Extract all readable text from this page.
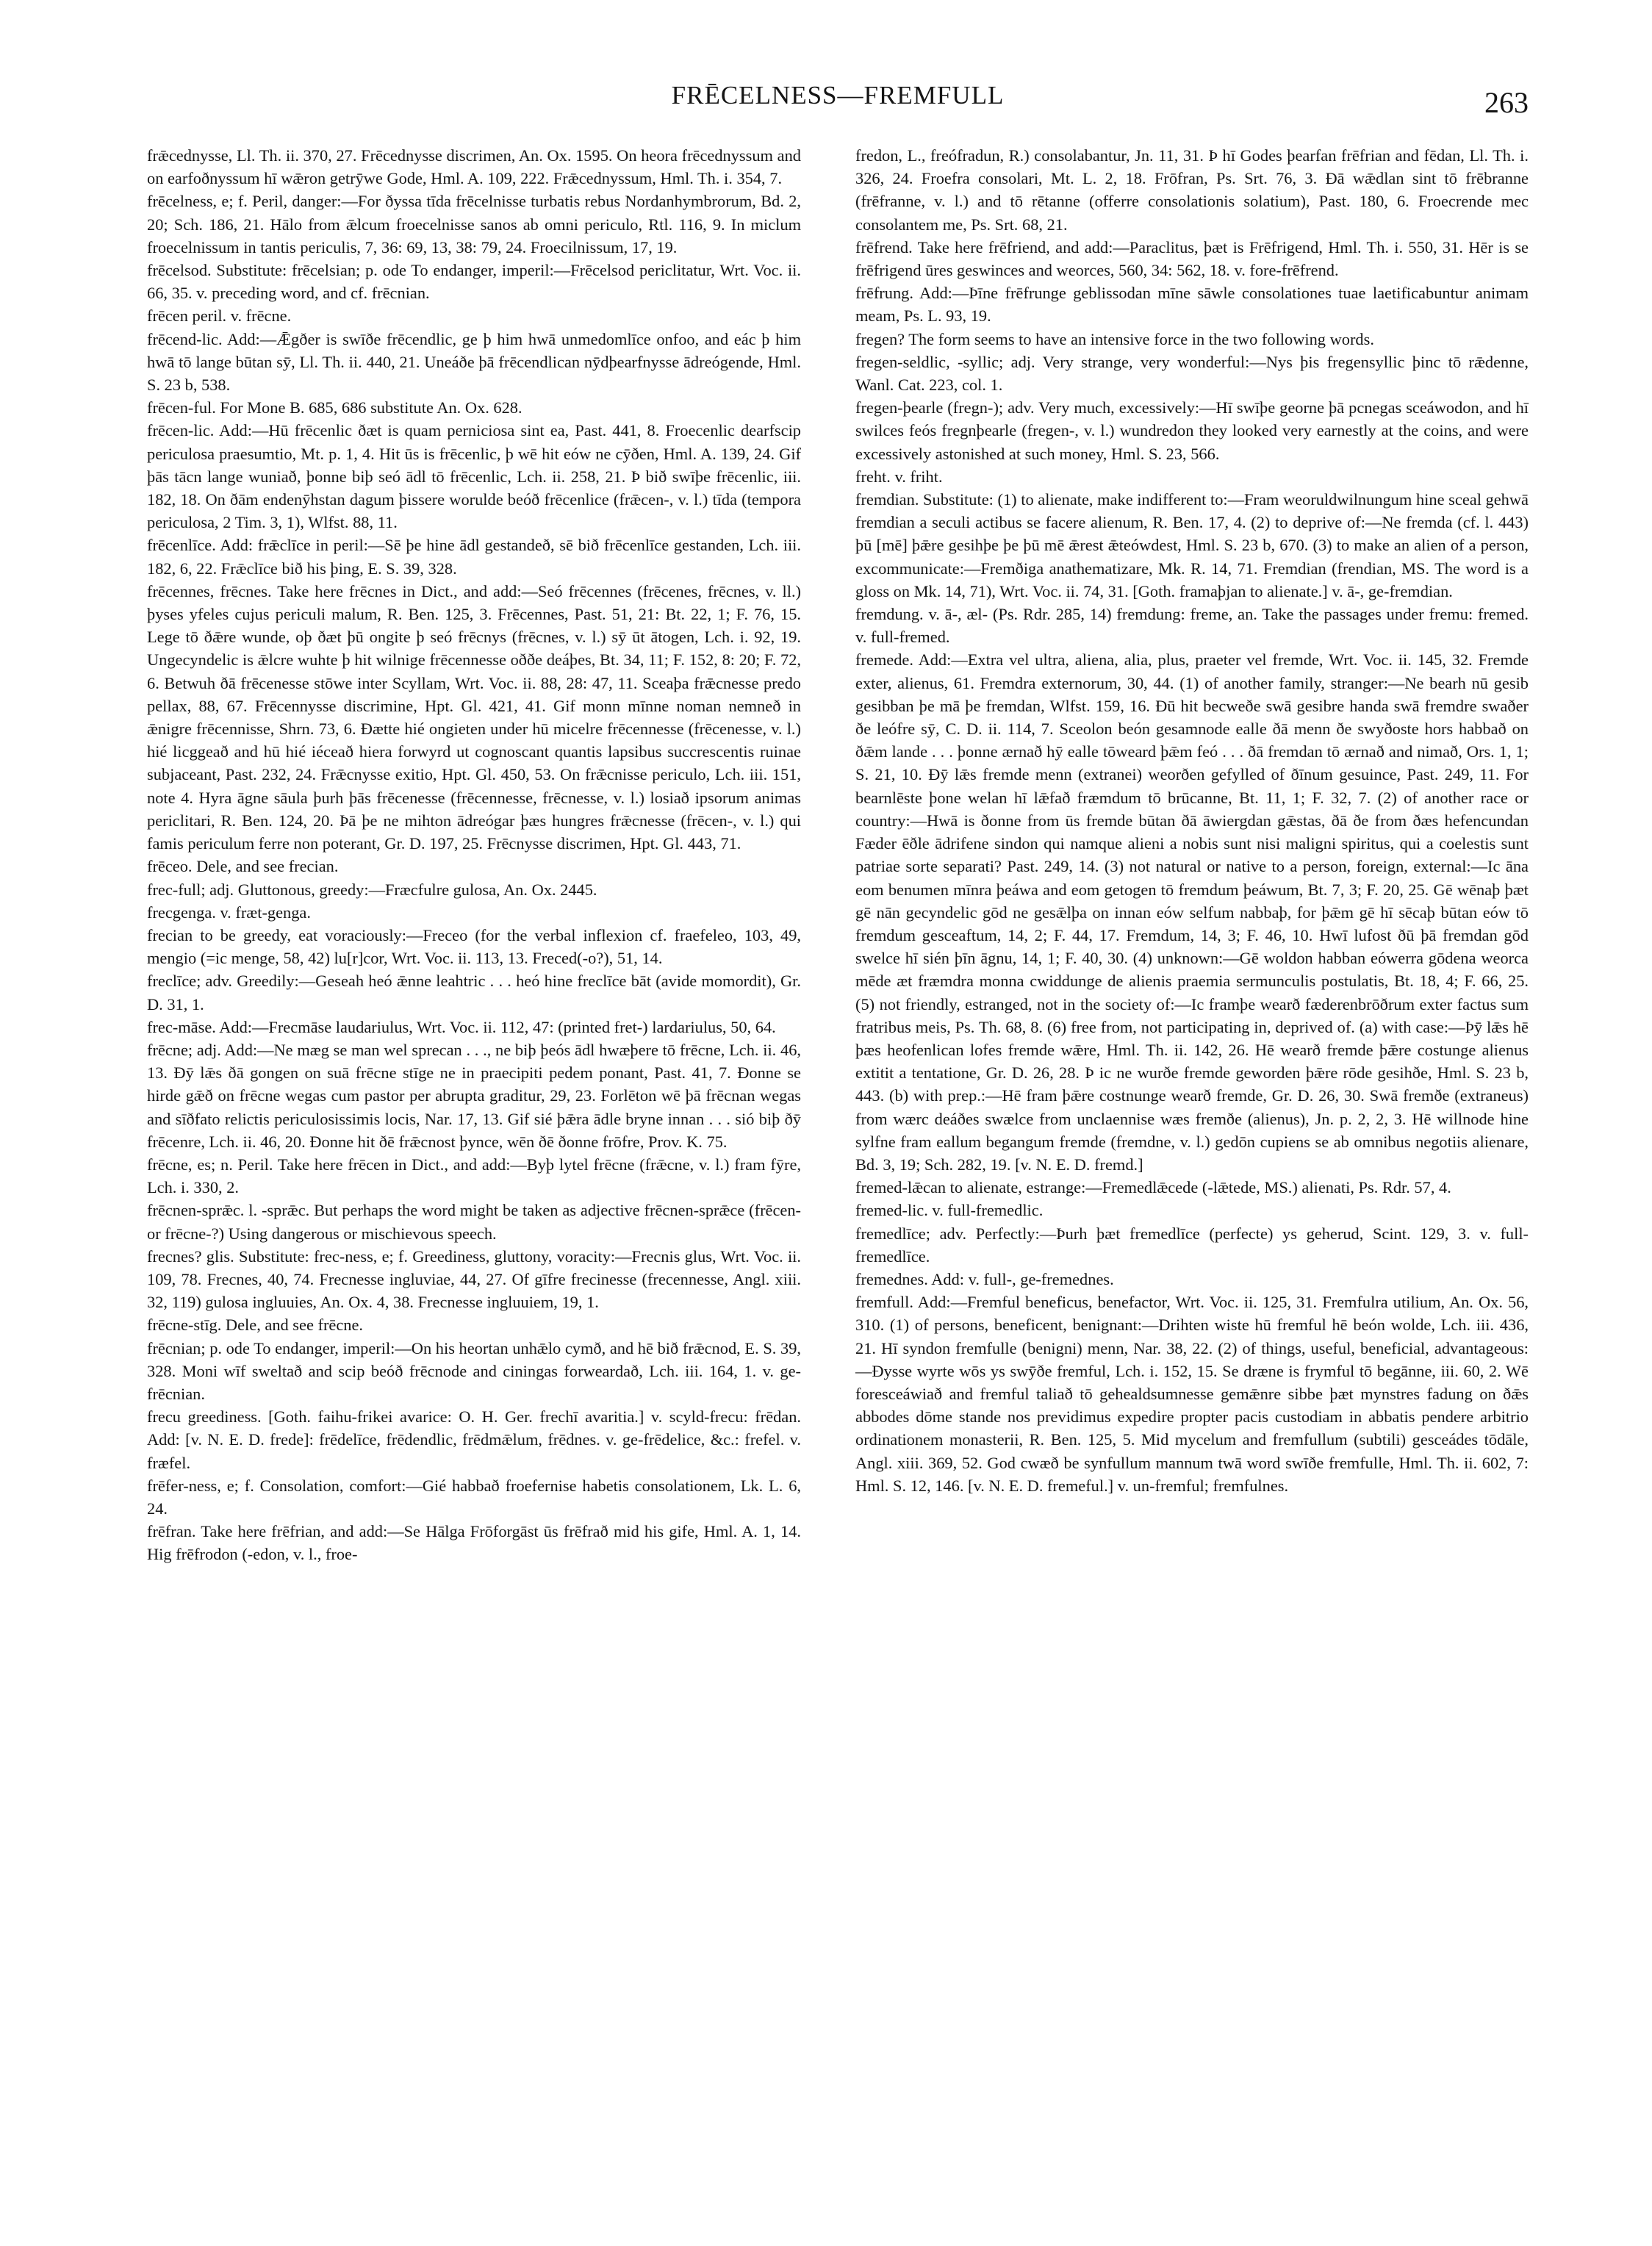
FRĒCELNESS—FREMFULL	263

frǣcednysse, Ll. Th. ii. 370, 27. Frēcednysse discrimen, An. Ox. 1595. On heora frēcednyssum and on earfoðnyssum hī wǣron getrȳwe Gode, Hml. A. 109, 222. Frǣcednyssum, Hml. Th. i. 354, 7.

frēcelness, e; f. Peril, danger:—For ðyssa tīda frēcelnisse turbatis rebus Nordanhymbrorum, Bd. 2, 20; Sch. 186, 21. Hālo from ǣlcum froecelnisse sanos ab omni periculo, Rtl. 116, 9. In miclum froecelnissum in tantis periculis, 7, 36: 69, 13, 38: 79, 24. Froecilnissum, 17, 19.

frēcelsod. Substitute: frēcelsian; p. ode To endanger, imperil:—Frēcelsod periclitatur, Wrt. Voc. ii. 66, 35. v. preceding word, and cf. frēcnian.

frēcen peril. v. frēcne.

frēcend-lic. Add:—Ǣgðer is swīðe frēcendlic, ge þ him hwā unmedomlīce onfoo, and eác þ him hwā tō lange būtan sȳ, Ll. Th. ii. 440, 21. Uneáðe þā frēcendlican nȳdþearfnysse ādreógende, Hml. S. 23 b, 538.

frēcen-ful. For Mone B. 685, 686 substitute An. Ox. 628.

frēcen-lic. Add:—Hū frēcenlic ðæt is quam perniciosa sint ea, Past. 441, 8. Froecenlic dearfscip periculosa praesumtio, Mt. p. 1, 4. Hit ūs is frēcenlic, þ wē hit eów ne cȳðen, Hml. A. 139, 24. Gif þās tācn lange wuniað, þonne biþ seó ādl tō frēcenlic, Lch. ii. 258, 21. Þ bið swīþe frēcenlic, iii. 182, 18. On ðām endenȳhstan dagum þissere worulde beóð frēcenlice (frǣcen-, v. l.) tīda (tempora periculosa, 2 Tim. 3, 1), Wlfst. 88, 11.

frēcenlīce. Add: frǣclīce in peril:—Sē þe hine ādl gestandeð, sē bið frēcenlīce gestanden, Lch. iii. 182, 6, 22. Frǣclīce bið his þing, E. S. 39, 328.

frēcennes, frēcnes. Take here frēcnes in Dict., and add:—Seó frēcennes (frēcenes, frēcnes, v. ll.) þyses yfeles cujus periculi malum, R. Ben. 125, 3. Frēcennes, Past. 51, 21: Bt. 22, 1; F. 76, 15. Lege tō ðǣre wunde, oþ ðæt þū ongite þ seó frēcnys (frēcnes, v. l.) sȳ ūt ātogen, Lch. i. 92, 19. Ungecyndelic is ǣlcre wuhte þ hit wilnige frēcennesse oððe deáþes, Bt. 34, 11; F. 152, 8: 20; F. 72, 6. Betwuh ðā frēcenesse stōwe inter Scyllam, Wrt. Voc. ii. 88, 28: 47, 11. Sceaþa frǣcnesse predo pellax, 88, 67. Frēcennysse discrimine, Hpt. Gl. 421, 41. Gif monn mīnne noman nemneð in ǣnigre frēcennisse, Shrn. 73, 6. Ðætte hié ongieten under hū micelre frēcennesse (frēcenesse, v. l.) hié licggeað and hū hié iéceað hiera forwyrd ut cognoscant quantis lapsibus succrescentis ruinae subjaceant, Past. 232, 24. Frǣcnysse exitio, Hpt. Gl. 450, 53. On frǣcnisse periculo, Lch. iii. 151, note 4. Hyra āgne sāula þurh þās frēcenesse (frēcennesse, frēcnesse, v. l.) losiað ipsorum animas periclitari, R. Ben. 124, 20. Þā þe ne mihton ādreógar þæs hungres frǣcnesse (frēcen-, v. l.) qui famis periculum ferre non poterant, Gr. D. 197, 25. Frēcnysse discrimen, Hpt. Gl. 443, 71.

frēceo. Dele, and see frecian.

frec-full; adj. Gluttonous, greedy:—Fræcfulre gulosa, An. Ox. 2445.

frecgenga. v. fræt-genga.

frecian to be greedy, eat voraciously:—Freceo (for the verbal inflexion cf. fraefeleo, 103, 49, mengio (=ic menge, 58, 42) lu[r]cor, Wrt. Voc. ii. 113, 13. Freced(-o?), 51, 14.

freclīce; adv. Greedily:—Geseah heó ǣnne leahtric . . . heó hine freclīce bāt (avide momordit), Gr. D. 31, 1.

frec-māse. Add:—Frecmāse laudariulus, Wrt. Voc. ii. 112, 47: (printed fret-) lardariulus, 50, 64.

frēcne; adj. Add:—Ne mæg se man wel sprecan . . ., ne biþ þeós ādl hwæþere tō frēcne, Lch. ii. 46, 13. Ðȳ lǣs ðā gongen on suā frēcne stīge ne in praecipiti pedem ponant, Past. 41, 7. Ðonne se hirde gǣð on frēcne wegas cum pastor per abrupta graditur, 29, 23. Forlēton wē þā frēcnan wegas and sīðfato relictis periculosissimis locis, Nar. 17, 13. Gif sié þǣra ādle bryne innan . . . sió biþ ðȳ frēcenre, Lch. ii. 46, 20. Ðonne hit ðē frǣcnost þynce, wēn ðē ðonne frōfre, Prov. K. 75.

frēcne, es; n. Peril. Take here frēcen in Dict., and add:—Byþ lytel frēcne (frǣcne, v. l.) fram fȳre, Lch. i. 330, 2.

frēcnen-sprǣc. l. -sprǣc. But perhaps the word might be taken as adjective frēcnen-sprǣce (frēcen- or frēcne-?) Using dangerous or mischievous speech.

frecnes? glis. Substitute: frec-ness, e; f. Greediness, gluttony, voracity:—Frecnis glus, Wrt. Voc. ii. 109, 78. Frecnes, 40, 74. Frecnesse ingluviae, 44, 27. Of gīfre frecinesse (frecennesse, Angl. xiii. 32, 119) gulosa ingluuies, An. Ox. 4, 38. Frecnesse ingluuiem, 19, 1.

frēcne-stīg. Dele, and see frēcne.

frēcnian; p. ode To endanger, imperil:—On his heortan unhǣlo cymð, and hē bið frǣcnod, E. S. 39, 328. Moni wīf sweltað and scip beóð frēcnode and ciningas forweardað, Lch. iii. 164, 1. v. ge-frēcnian.

frecu greediness. [Goth. faihu-frikei avarice: O. H. Ger. frechī avaritia.] v. scyld-frecu: frēdan. Add: [v. N. E. D. frede]: frēdelīce, frēdendlic, frēdmǣlum, frēdnes. v. ge-frēdelice, &c.: frefel. v. fræfel.

frēfer-ness, e; f. Consolation, comfort:—Gié habbað froefernise habetis consolationem, Lk. L. 6, 24.

frēfran. Take here frēfrian, and add:—Se Hālga Frōforgāst ūs frēfrað mid his gife, Hml. A. 1, 14. Hig frēfrodon (-edon, v. l., froe-

fredon, L., freófradun, R.) consolabantur, Jn. 11, 31. Þ hī Godes þearfan frēfrian and fēdan, Ll. Th. i. 326, 24. Froefra consolari, Mt. L. 2, 18. Frōfran, Ps. Srt. 76, 3. Ðā wǣdlan sint tō frēbranne (frēfranne, v. l.) and tō rētanne (offerre consolationis solatium), Past. 180, 6. Froecrende mec consolantem me, Ps. Srt. 68, 21.

frēfrend. Take here frēfriend, and add:—Paraclitus, þæt is Frēfrigend, Hml. Th. i. 550, 31. Hēr is se frēfrigend ūres geswinces and weorces, 560, 34: 562, 18. v. fore-frēfrend.

frēfrung. Add:—Þīne frēfrunge geblissodan mīne sāwle consolationes tuae laetificabuntur animam meam, Ps. L. 93, 19.

fregen? The form seems to have an intensive force in the two following words.

fregen-seldlic, -syllic; adj. Very strange, very wonderful:—Nys þis fregensyllic þinc tō rǣdenne, Wanl. Cat. 223, col. 1.

fregen-þearle (fregn-); adv. Very much, excessively:—Hī swīþe georne þā pcnegas sceáwodon, and hī swilces feós fregnþearle (fregen-, v. l.) wundredon they looked very earnestly at the coins, and were excessively astonished at such money, Hml. S. 23, 566.

freht. v. friht.

fremdian. Substitute: (1) to alienate, make indifferent to:—Fram weoruldwilnungum hine sceal gehwā fremdian a seculi actibus se facere alienum, R. Ben. 17, 4. (2) to deprive of:—Ne fremda (cf. l. 443) þū [mē] þǣre gesihþe þe þū mē ǣrest ǣteówdest, Hml. S. 23 b, 670. (3) to make an alien of a person, excommunicate:—Fremðiga anathematizare, Mk. R. 14, 71. Fremdian (frendian, MS. The word is a gloss on Mk. 14, 71), Wrt. Voc. ii. 74, 31. [Goth. framaþjan to alienate.] v. ā-, ge-fremdian.

fremdung. v. ā-, æl- (Ps. Rdr. 285, 14) fremdung: freme, an. Take the passages under fremu: fremed. v. full-fremed.

fremede. Add:—Extra vel ultra, aliena, alia, plus, praeter vel fremde, Wrt. Voc. ii. 145, 32. Fremde exter, alienus, 61. Fremdra externorum, 30, 44. (1) of another family, stranger:—Ne bearh nū gesib gesibban þe mā þe fremdan, Wlfst. 159, 16. Ðū hit becweðe swā gesibre handa swā fremdre swaðer ðe leófre sȳ, C. D. ii. 114, 7. Sceolon beón gesamnode ealle ðā menn ðe swyðoste hors habbað on ðǣm lande . . . þonne ærnað hȳ ealle tōweard þǣm feó . . . ðā fremdan tō ærnað and nimað, Ors. 1, 1; S. 21, 10. Ðȳ lǣs fremde menn (extranei) weorðen gefylled of ðīnum gesuince, Past. 249, 11. For bearnlēste þone welan hī lǣfað fræmdum tō brūcanne, Bt. 11, 1; F. 32, 7. (2) of another race or country:—Hwā is ðonne from ūs fremde būtan ðā āwiergdan gǣstas, ðā ðe from ðæs hefencundan Fæder ēðle ādrifene sindon qui namque alieni a nobis sunt nisi maligni spiritus, qui a coelestis sunt patriae sorte separati? Past. 249, 14. (3) not natural or native to a person, foreign, external:—Ic āna eom benumen mīnra þeáwa and eom getogen tō fremdum þeáwum, Bt. 7, 3; F. 20, 25. Gē wēnaþ þæt gē nān gecyndelic gōd ne gesǣlþa on innan eów selfum nabbaþ, for þǣm gē hī sēcaþ būtan eów tō fremdum gesceaftum, 14, 2; F. 44, 17. Fremdum, 14, 3; F. 46, 10. Hwī lufost ðū þā fremdan gōd swelce hī sién þīn āgnu, 14, 1; F. 40, 30. (4) unknown:—Gē woldon habban eówerra gōdena weorca mēde æt fræmdra monna cwiddunge de alienis praemia sermunculis postulatis, Bt. 18, 4; F. 66, 25. (5) not friendly, estranged, not in the society of:—Ic framþe wearð fæderenbrōðrum exter factus sum fratribus meis, Ps. Th. 68, 8. (6) free from, not participating in, deprived of. (a) with case:—Þȳ lǣs hē þæs heofenlican lofes fremde wǣre, Hml. Th. ii. 142, 26. Hē wearð fremde þǣre costunge alienus extitit a tentatione, Gr. D. 26, 28. Þ ic ne wurðe fremde geworden þǣre rōde gesihðe, Hml. S. 23 b, 443. (b) with prep.:—Hē fram þǣre costnunge wearð fremde, Gr. D. 26, 30. Swā fremðe (extraneus) from wærc deáðes swælce from unclaennise wæs fremðe (alienus), Jn. p. 2, 2, 3. Hē willnode hine sylfne fram eallum begangum fremde (fremdne, v. l.) gedōn cupiens se ab omnibus negotiis alienare, Bd. 3, 19; Sch. 282, 19. [v. N. E. D. fremd.]

fremed-lǣcan to alienate, estrange:—Fremedlǣcede (-lǣtede, MS.) alienati, Ps. Rdr. 57, 4.

fremed-lic. v. full-fremedlic.

fremedlīce; adv. Perfectly:—Þurh þæt fremedlīce (perfecte) ys geherud, Scint. 129, 3. v. full-fremedlīce.

fremednes. Add: v. full-, ge-fremednes.

fremfull. Add:—Fremful beneficus, benefactor, Wrt. Voc. ii. 125, 31. Fremfulra utilium, An. Ox. 56, 310. (1) of persons, beneficent, benignant:—Drihten wiste hū fremful hē beón wolde, Lch. iii. 436, 21. Hī syndon fremfulle (benigni) menn, Nar. 38, 22. (2) of things, useful, beneficial, advantageous:—Ðysse wyrte wōs ys swȳðe fremful, Lch. i. 152, 15. Se dræne is frymful tō begānne, iii. 60, 2. Wē foresceáwiað and fremful taliað tō gehealdsumnesse gemǣnre sibbe þæt mynstres fadung on ðǣs abbodes dōme stande nos previdimus expedire propter pacis custodiam in abbatis pendere arbitrio ordinationem monasterii, R. Ben. 125, 5. Mid mycelum and fremfullum (subtili) gesceádes tōdāle, Angl. xiii. 369, 52. God cwæð be synfullum mannum twā word swīðe fremfulle, Hml. Th. ii. 602, 7: Hml. S. 12, 146. [v. N. E. D. fremeful.] v. un-fremful; fremfulnes.
